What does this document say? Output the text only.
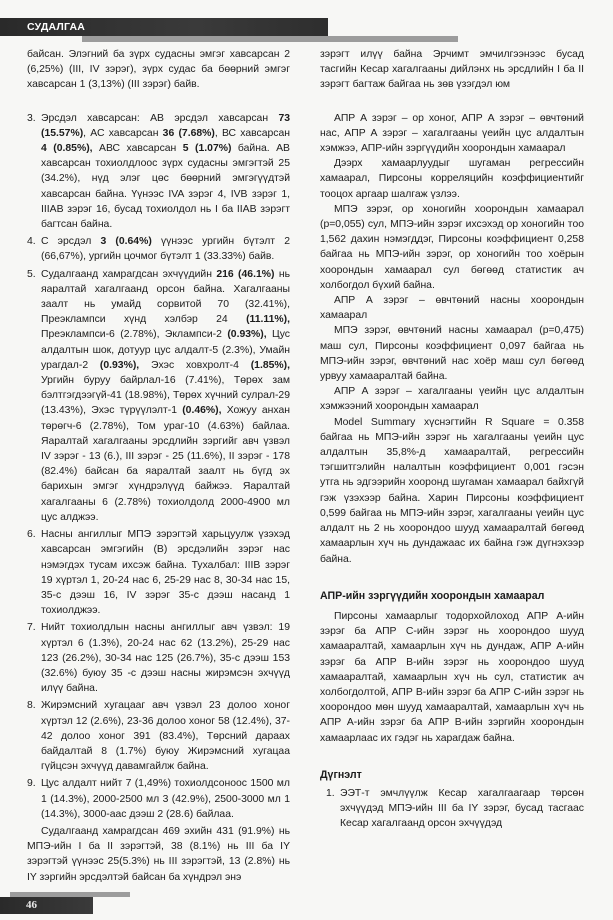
СУДАЛГАА

байсан. Элэгний ба зүрх судасны эмгэг хавсарсан 2 (6,25%) (III, IV зэрэг), зүрх судас ба бөөрний эмгэг хавсарсан 1 (3,13%) (III зэрэг) байв.

3. Эрсдэл хавсарсан: АВ эрсдэл хавсарсан 73 (15.57%), АС хавсарсан 36 (7.68%), ВС хавсарсан 4 (0.85%), АВС хавсарсан 5 (1.07%) байна. АВ хавсарсан тохиолдлоос зүрх судасны эмгэгтэй 25 (34.2%), нүд элэг цөс бөөрний эмгэгүүдтэй хавсарсан байна. Үүнээс IVA зэрэг 4, IVB зэрэг 1, IIIAB зэрэг 16, бусад тохиолдол нь I ба IIAB зэрэгт багтсан байна.
4. С эрсдэл 3 (0.64%) үүнээс ургийн бүтэлт 2 (66,67%), ургийн цочмог бүтэлт 1 (33.33%) байв.
5. Судалгаанд хамрагдсан эхчүүдийн 216 (46.1%) нь яаралтай хагалгаанд орсон байна. Хагалгааны заалт нь умайд сорвитой 70 (32.41%), Преэклампси хүнд хэлбэр 24 (11.11%), Преэклампси-6 (2.78%), Эклампси-2 (0.93%), Цус алдалтын шок, дотуур цус алдалт-5 (2.3%), Умайн урагдал-2 (0.93%), Эхэс ховхролт-4 (1.85%), Ургийн буруу байрлал-16 (7.41%), Төрөх зам бэлтгэгдээгүй-41 (18.98%), Төрөх хүчний сулрал-29 (13.43%), Эхэс түрүүлэлт-1 (0.46%), Хожуу анхан төрөгч-6 (2.78%), Том ураг-10 (4.63%) байлаа. Яаралтай хагалгааны эрсдлийн зэргийг авч үзвэл IV зэрэг - 13 (6.), III зэрэг - 25 (11.6%), II зэрэг - 178 (82.4%) байсан ба яаралтай заалт нь бүгд эх барихын эмгэг хүндрэлүүд байжээ. Яаралтай хагалгааны 6 (2.78%) тохиолдолд 2000-4900 мл цус алджээ.
6. Насны ангиллыг МПЭ зэрэгтэй харьцуулж үзэхэд хавсарсан эмгэгийн (В) эрсдэлийн зэрэг нас нэмэгдэх тусам ихсэж байна. Тухалбал: IIIB зэрэг 19 хүртэл 1, 20-24 нас 6, 25-29 нас 8, 30-34 нас 15, 35-с дээш 16, IV зэрэг 35-с дээш насанд 1 тохиолджээ.
7. Нийт тохиолдлын насны ангиллыг авч үзвэл: 19 хүртэл 6 (1.3%), 20-24 нас 62 (13.2%), 25-29 нас 123 (26.2%), 30-34 нас 125 (26.7%), 35-с дээш 153 (32.6%) буюу 35 -с дээш насны жирэмсэн эхчүүд илүү байна.
8. Жирэмсний хугацааг авч үзвэл 23 долоо хоног хүртэл 12 (2.6%), 23-36 долоо хоног 58 (12.4%), 37-42 долоо хоног 391 (83.4%), Төрсний дараах байдалтай 8 (1.7%) буюу Жирэмсний хугацаа гүйцсэн эхчүүд давамгайлж байна.
9. Цус алдалт нийт 7 (1,49%) тохиолдсоноос 1500 мл 1 (14.3%), 2000-2500 мл 3 (42.9%), 2500-3000 мл 1 (14.3%), 3000-аас дээш 2 (28.6) байлаа.

Судалгаанд хамрагдсан 469 эхийн 431 (91.9%) нь МПЭ-ийн I ба II зэрэгтэй, 38 (8.1%) нь III ба IY зэрэгтэй үүнээс 25(5.3%) нь III зэрэгтэй, 13 (2.8%) нь IY зэргийн эрсдэлтэй байсан ба хүндрэл энэ

зэрэгт илүү байна Эрчимт эмчилгээнээс бусад тасгийн Кесар хагалгааны дийлэнх нь эрсдлийн I ба II зэрэгт багтаж байгаа нь зөв үзэгдэл юм

АПР А зэрэг – ор хоног, АПР А зэрэг – өвчтөний нас, АПР А зэрэг – хагалгааны үеийн цус алдалтын хэмжээ, АПР-ийн зэргүүдийн хоорондын хамаарал

Дээрх хамаарлуудыг шугаман регрессийн хамаарал, Пирсоны корреляцийн коэффициентийг тооцох аргаар шалгаж үзлээ.

МПЭ зэрэг, ор хоногийн хоорондын хамаарал (p=0,055) сул, МПЭ-ийн зэрэг ихсэхэд ор хоногийн тоо 1,562 дахин нэмэгддэг, Пирсоны коэффициент 0,258 байгаа нь МПЭ-ийн зэрэг, ор хоногийн тоо хоёрын хоорондын хамаарал сул бөгөөд статистик ач холбогдол бүхий байна.

АПР А зэрэг – өвчтөний насны хоорондын хамаарал

МПЭ зэрэг, өвчтөний насны хамаарал (p=0,475) маш сул, Пирсоны коэффициент 0,097 байгаа нь МПЭ-ийн зэрэг, өвчтөний нас хоёр маш сул бөгөөд урвуу хамааралтай байна.

АПР А зэрэг – хагалгааны үеийн цус алдалтын хэмжээний хоорондын хамаарал

Model Summary хүснэгтийн R Square = 0.358 байгаа нь МПЭ-ийн зэрэг нь хагалгааны үеийн цус алдалтын 35,8%-д хамааралтай, регрессийн тэгшитгэлийн налалтын коэффициент 0,001 гэсэн утга нь эдгээрийн хооронд шугаман хамаарал байхгүй гэж үзэхээр байна. Харин Пирсоны коэффициент 0,599 байгаа нь МПЭ-ийн зэрэг, хагалгааны үеийн цус алдалт нь 2 нь хоорондоо шууд хамааралтай бөгөөд хамаарлын хүч нь дундажаас их байна гэж дүгнэхээр байна.

АПР-ийн зэргүүдийн хоорондын хамаарал

Пирсоны хамаарлыг тодорхойлоход АПР А-ийн зэрэг ба АПР С-ийн зэрэг нь хоорондоо шууд хамааралтай, хамаарлын хүч нь дундаж, АПР А-ийн зэрэг ба АПР В-ийн зэрэг нь хоорондоо шууд хамааралтай, хамаарлын хүч нь сул, статистик ач холбогдолтой, АПР В-ийн зэрэг ба АПР С-ийн зэрэг нь хоорондоо мөн шууд хамааралтай, хамаарлын хүч нь АПР А-ийн зэрэг ба АПР В-ийн зэргийн хоорондын хамаарлаас их гэдэг нь харагдаж байна.

Дүгнэлт

1. ЭЭТ-т эмчлүүлж Кесар хагалгаагаар төрсөн эхчүүдэд МПЭ-ийн III ба IY зэрэг, бусад тасгаас Кесар хагалгаанд орсон эхчүүдэд
46
